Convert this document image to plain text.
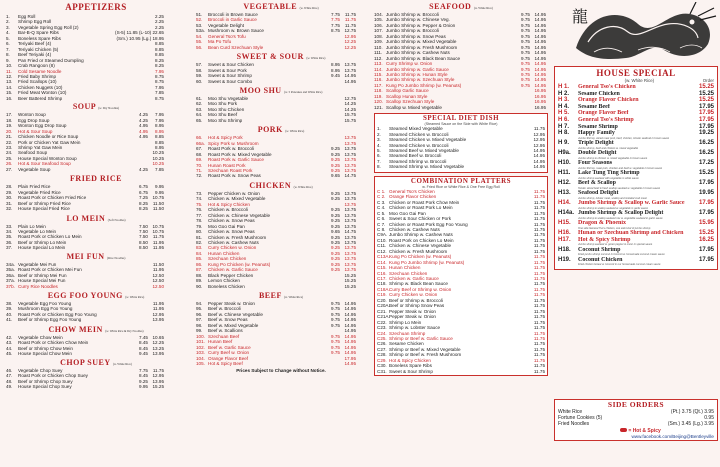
龍
APPETIZERS
1.	Egg Roll	2.25
2.	Shrimp Egg Roll	2.25
3.	Vegetable Spring Egg Roll (2)	2.25
4.	Bar-B-Q Spare Ribs	(S-5) 11.85 (L-10) 22.65
5.	Boneless Spare Ribs	(Sm.) 10.95 (Lg.) 18.95
6.	Teriyaki Beef (4)	8.85
7.	Teriyaki Chicken (5)	8.85
8.	Beef Teriyaki (4)	8.85
9.	Pan Fried or Steamed Dumpling	8.25
10.	Crab Rangoon (8)	8.25
11.	Cold Sesame Noodle	7.95
12.	Fried Baby Shrimp	8.75
13.	Fried Scallops (10)	8.75
14.	Chicken Nuggets (10)	7.95
15.	Fried Meat Wonton (10)	7.85
16.	Beer Battered Shrimp	8.75
SOUP (w. Dry Noodles)
17.	Wonton Soup	4.25	7.95
18.	Egg Drop Soup	4.25	7.95
19.	Wonton Egg Drop Soup	4.95	8.95
20.	Hot & Sour Soup	4.95	8.95
21.	Chicken Noodle or Rice Soup	4.95	8.85
22.	Pork or Chicken Yat Gaw Mein	8.85
23.	Shrimp Yat Gaw Mein	8.95
24.	Seafood Soup	10.25
25.	House Special Wonton Soup	10.25
26.	Hot & Sour Seafood Soup	10.25
27.	Vegetable Soup	4.25	7.85
FRIED RICE
28.	Plain Fried Rice	6.75	9.95
29.	Vegetable Fried Rice	6.75	9.95
30.	Roast Pork or Chicken Fried Rice	7.25 10.75
31.	Beef or Shrimp Fried Rice	8.25	11.50
32.	House Special Fried Rice	8.25	11.50
LO MEIN (Soft Noodles)
33.	Plain Lo Mein	7.50 10.75
34.	Vegetable Lo Mein	7.50 10.75
35.	Roast Pork or Chicken Lo Mein	7.50	11.75
36.	Beef or Shrimp Lo Mein	8.50	11.95
37.	House Special Lo Mein	8.50	11.95
MEI FUN (Rice Noodles)
34a. Vegetable Mei Fun	11.50
35a. Roast Pork or Chicken Mei Fun	11.95
36a. Beef or Shrimp Mei Fun	12.50
37a. House Special Mei Fun	12.50
37b. Curry Rice Noodles	12.50
EGG FOO YOUNG (w. White Rice)
38.	Vegetable Egg Foo Young	11.95
39.	Mushroom Egg Foo Young	11.95
40.	Roast Pork or Chicken Egg Foo Young	12.95
41.	Beef or Shrimp Egg Foo Young	13.95
CHOW MEIN (w. White Rice & Dry Noodles)
42.	Vegetable Chow Mein	7.45 10.65
43.	Roast Pork or Chicken Chow Mein	8.45 12.25
44.	Beef or Shrimp Chow Mein	8.45 13.25
45.	House Special Chow Mein	9.45 13.95
CHOP SUEY (w. White Rice)
46.	Vegetable Chop Suey	7.75	11.75
47.	Roast Pork or Chicken Chop Suey	8.45 12.95
48.	Beef or Shrimp Chop Suey	9.25 13.95
49.	House Special Chop Suey	9.95 15.25
VEGETABLE (w. White Rice)
51.	Broccoli in Brown Sauce	7.75	11.75
52.	Broccoli in Garlic Sauce	7.75	11.75
53.	Vegetable Delight	7.75	11.75
53a. Mushroom w. Brown Sauce	8.75 12.75
54.	General Tso's Tofu	12.95
55.	Ma Po Tofu	12.25
56.	Bean Curd Szechuan Style	12.25
SWEET & SOUR (w. White Rice)
57.	Sweet & Sour Chicken	8.95 13.75
58.	Sweet & Sour Pork	8.95 13.75
59.	Sweet & Sour Shrimp	9.45 14.95
60.	Sweet & Sour Combo	14.95
MOO SHU (w. 5 Pancakes and White Rice)
61.	Moo Shu Vegetable	12.75
62.	Moo Shu Pork	14.25
63.	Moo Shu Chicken	14.25
64.	Moo Shu Beef	15.75
65.	Moo Shu Shrimp	15.75
PORK (w. White Rice)
66.	Hot & Spicy Pork	13.75
66a. Spicy Pork w. Mushroom	13.75
67.	Roast Pork w. Broccoli	9.25 13.75
68.	Roast Pork w. Mixed Vegetable	9.25 13.75
69.	Roast Pork w. Garlic Sauce	9.25 13.75
70.	Hunan Roast Pork	9.25 13.75
71.	Szechuan Roast Pork	9.25 13.75
72.	Roast Pork w. Snow Peas	9.65 14.75
CHICKEN (w. White Rice)
73.	Pepper Chicken w. Onion	9.25 13.75
74.	Chicken w. Mixed Vegetable	9.25 13.75
75.	Hot & Spicy Chicken	13.75
76.	Chicken w. Broccoli	9.25 13.75
77.	Chicken w. Chinese Vegetable	9.25 13.75
78.	Chicken w. Snow Peas	9.25 13.75
79.	Moo Goo Gai Pan	9.25 13.75
80.	Chicken w. Snow Peas	9.65 14.75
81.	Chicken w. Fresh Mushroom	9.25 13.75
82.	Chicken w. Cashew Nuts	9.25 13.75
83.	Curry Chicken w. Onion	9.25 13.75
84.	Hunan Chicken	9.25 13.75
85.	Szechuan Chicken	9.25 13.75
86.	Kung Po Chicken (w. Peanuts)	9.25 13.75
87.	Chicken w. Garlic Sauce	9.25 13.75
88.	Black Pepper Chicken	15.25
89.	Lemon Chicken	15.25
90.	Boneless Chicken	15.25
BEEF (w. White Rice)
94.	Pepper Steak w. Onion	9.75 14.95
95.	Beef w. Broccoli	9.75 14.95
96.	Beef w. Chinese Vegetable	9.75 14.95
97.	Beef w. Snow Peas	9.75 14.95
98.	Beef w. Mixed Vegetable	9.75 14.95
99.	Beef w. Scallions	14.95
100. Szechuan Beef	9.75 14.95
101. Hunan Beef	9.75 14.95
102. Beef w. Garlic Sauce	9.75 14.95
103. Curry Beef w. Onion	9.75 14.95
104. Orange Flavor Beef	17.95
105. Hot & Spicy Beef	14.95
Prices Subject to Change without Notice.
SEAFOOD (w. White Rice)
104. Jumbo Shrimp w. Broccoli	9.75 14.95
105. Jumbo Shrimp w. Chinese Veg.	9.75 14.95
106. Jumbo Shrimp w. Pepper & Onion	9.75 14.95
107. Jumbo Shrimp w. Broccoli	9.75 14.95
108. Jumbo Shrimp w. Snow Peas	9.75 14.95
109. Jumbo Shrimp w. Mixed Vegetable	9.75 14.95
110. Jumbo Shrimp w. Fresh Mushroom	9.75 14.95
111. Jumbo Shrimp w. Cashew Nuts	9.75 14.95
112. Jumbo Shrimp w. Black Bean Sauce	9.75 14.95
113. Curry Shrimp w. Onion	9.75 14.95
114. Jumbo Shrimp w. Garlic Sauce	9.75 14.95
115. Jumbo Shrimp w. Hunan Style	9.75 14.95
116. Jumbo Shrimp w. Szechuan Style	9.75 14.95
117. Kung Po Jumbo Shrimp (w. Peanuts)	9.75 14.95
118. Scallop Garlic Sauce	16.95
119. Scallop Hunan Style	16.95
120. Scallop Szechuan Style	16.95
121. Scallop w. Mixed Vegetable	16.95
SPECIAL DIET DISH
(Steamed Sauce on the Side with White Rice)
1.	Steamed Mixed Vegetable	11.75
2.	Steamed Chicken w. Broccoli	12.95
3.	Steamed Chicken w. Mixed Vegetable	12.95
4.	Steamed Chicken w. Broccoli	12.95
5.	Steamed Beef w. Mixed Vegetable	14.95
6.	Steamed Beef w. Broccoli	14.95
7.	Steamed Shrimp w. Broccoli	14.95
8.	Steamed Shrimp w. Mixed Vegetable	14.95
COMBINATION PLATTERS
w. Fried Rice or White Rice & One Free Egg Roll
C 1. General Tso's Chicken	11.75
C 2. Orange Flavor Chicken	11.75
C 3. Chicken or Roast Pork Chow Mein	11.75
C 4. Chicken or Roast Pork Lo Mein	11.75
C 5. Moo Goo Gai Pan	11.75
C 6. Sweet & Sour Chicken or Pork	11.75
C 7. Chicken or Roast Pork Egg Foo Young	11.75
C 8. Chicken w. Cashew Nuts	11.75
C9A. Jumbo Shrimp w. Cashew Nuts	11.75
C10. Roast Pork on Chicken Lo Mein	11.75
C11. Chicken w. Chinese Vegetable	11.75
C12. Chicken w. Fresh Mushroom	11.75
C13A. Kung Po Chicken (w. Peanuts)	11.75
C14. Kung Po Jumbo Shrimp (w. Peanuts)	11.75
C15. Hunan Chicken	11.75
C16. Szechuan Chicken	11.75
C17. Chicken w. Garlic Sauce	11.75
C18. Shrimp w. Black Bean Sauce	11.75
C18A. Curry Beef or Shrimp w. Onion	11.75
C19. Curry Chicken w. Onion	11.75
C20. Beef or Shrimp w. Broccoli	11.75
C20A. Beef or Shrimp Snow Peas	11.75
C21. Pepper Steak w. Onion	11.75
C21A. Pepper Steak w. Onion	11.75
C22. Shrimp Lo Mein	11.75
C23. Shrimp w. Lobster Sauce	11.75
C24. Szechuan Shrimp	11.75
C25. Shrimp or Beef w. Garlic Sauce	11.75
C26. Sesame Chicken	11.75
C27. Shrimp or Beef w. Mixed Vegetable	11.75
C28. Shrimp or Beef w. Fresh Mushroom	11.75
C29. Hot & Spicy Chicken	11.75
C30. Boneless Spare Ribs	11.75
C31. Sweet & Sour Shrimp	11.75
HOUSE SPECIAL
(w. White Rice)	Order
H 1.	General Tso's Chicken	15.25
H 2.	Sesame Chicken	15.25
H 3.	Orange Flavor Chicken	15.25
H 4.	Sesame Beef	17.95
H 5.	Orange Flavor Beef	17.95
H 6.	General Tso's Shrimp	17.95
H 7.	Sesame Shrimp	17.95
H 8.	Happy Family	19.25
Jumbo Shrimp, sliced roast pork, beef, chicken, lobster seafood in brown sauce
H 9.	Triple Delight	16.25
Jumbo shrimp, beef and chicken w. mixed vegetable
H9a.	Double Delight	16.25
Jumbo shrimp & chicken w. mixed vegetable in brown sauce
H10.	Four Seasons	17.25
Jumbo Shrimp, roast pork, chicken and beef w. vegetable in brown sauce
H11.	Lake Tung Ting Shrimp	15.25
Jumbo shrimp sauteed with vegetable in white sauce
H12.	Beef & Scallop	17.95
Tender sliced beef & fresh scallop sauteed w. vegetable in brown sauce
H13.	Seafood Delight	19.95
Jumbo shrimp, lobster meat, scallop and imitated crab meat
H14.	Jumbo Shrimp & Scallop w. Garlic Sauce	17.95
Jumbo shrimp & scallop sauteed w. vegetable in garlic sauce
H14a. Jumbo Shrimp & Scallop Delight	17.95
Jumbo shrimp & scallop sauteed mix w. vegetable sauteed in garlic sauce
H15.	Dragon & Phoenix	15.95
One side General Tso's chicken, one side kind of jumbo shrimp
H16.	Hunan or Szechuan Shrimp and Chicken	15.25
H17.	Hot & Spicy Shrimp	16.25
Jumbo shrimp sauteed w. green pepper & onion in special sauce
H18.	Coconut Shrimp	17.95
Fried jumbo shrimp coconut in broccoli w. homemade coconut cream sauce
H19.	Coconut Chicken	17.95
Fried chicken breast w. broccoli in our homemade coconut cream sauce
SIDE ORDERS
White Rice	(Pt.) 3.75 (Qt.) 3.95
Fortune Cookies (5)	0.95
Fried Noodles	(Sm.) 3.45 (Lg.) 3.95
= Hot & Spicy
www.facebook.com/Beijing@Bentleyville
